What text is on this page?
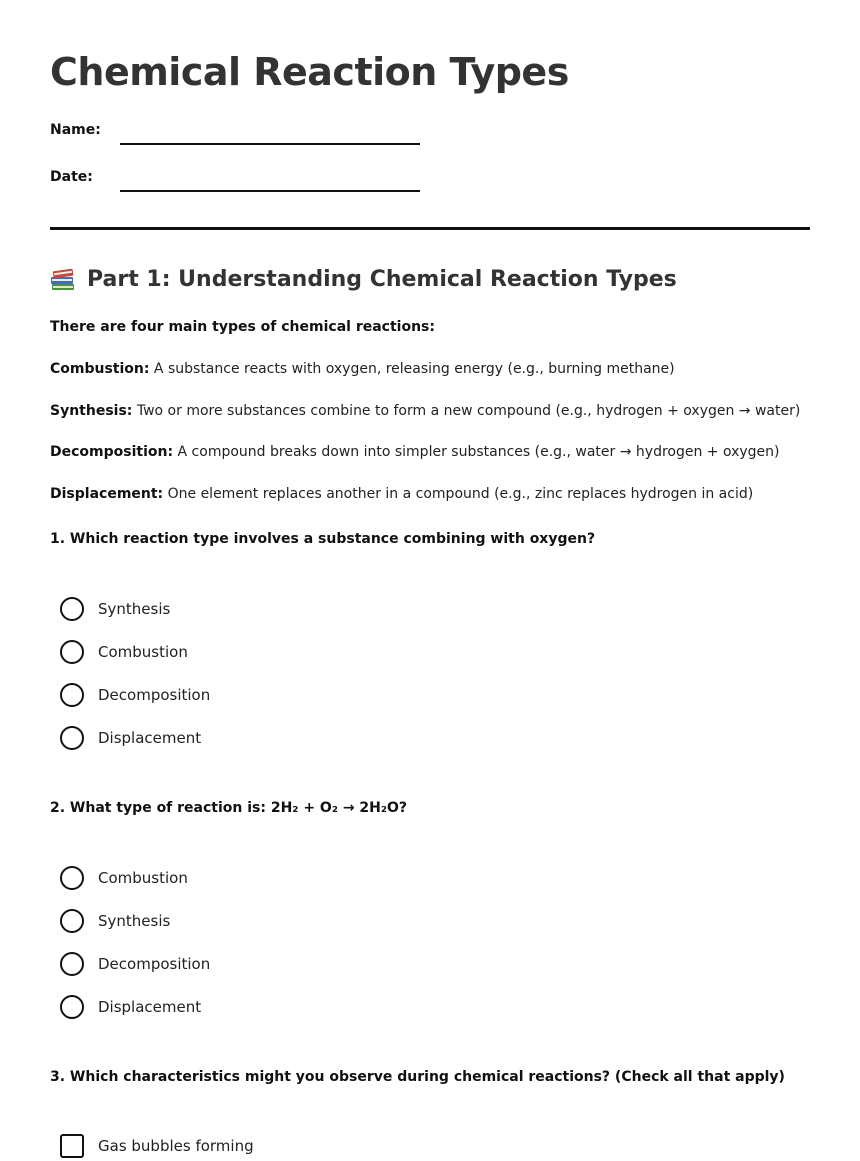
Chemical Reaction Types
Name:
Date:
Part 1: Understanding Chemical Reaction Types
There are four main types of chemical reactions:
Combustion: A substance reacts with oxygen, releasing energy (e.g., burning methane)
Synthesis: Two or more substances combine to form a new compound (e.g., hydrogen + oxygen → water)
Decomposition: A compound breaks down into simpler substances (e.g., water → hydrogen + oxygen)
Displacement: One element replaces another in a compound (e.g., zinc replaces hydrogen in acid)
1. Which reaction type involves a substance combining with oxygen?
Synthesis
Combustion
Decomposition
Displacement
2. What type of reaction is: 2H₂ + O₂ → 2H₂O?
Combustion
Synthesis
Decomposition
Displacement
3. Which characteristics might you observe during chemical reactions? (Check all that apply)
Gas bubbles forming
